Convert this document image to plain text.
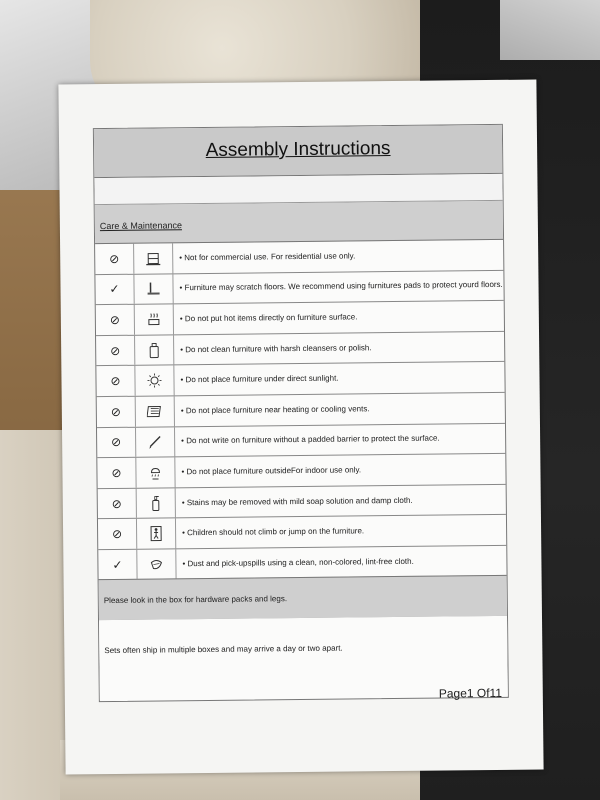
Assembly Instructions
Care & Maintenance
⊘	• Not for commercial use. For residential use only.
✓	• Furniture may scratch floors. We recommend using furnitures pads to protect yourd floors.
⊘	• Do not put hot items directly on furniture surface.
⊘	• Do not clean furniture with harsh cleansers or polish.
⊘	• Do not place furniture under direct sunlight.
⊘	• Do not place furniture near heating or cooling vents.
⊘	• Do not write on furniture without a padded barrier to protect the surface.
⊘	• Do not place furniture outsideFor indoor use only.
⊘	• Stains may be removed with mild soap solution and damp cloth.
⊘	• Children should not climb or jump on the furniture.
✓	• Dust and pick-upspills using a clean, non-colored, lint-free cloth.
Please look in the box for hardware packs and legs.
Sets often ship in multiple boxes and may arrive a day or two apart.
Page1 Of11
